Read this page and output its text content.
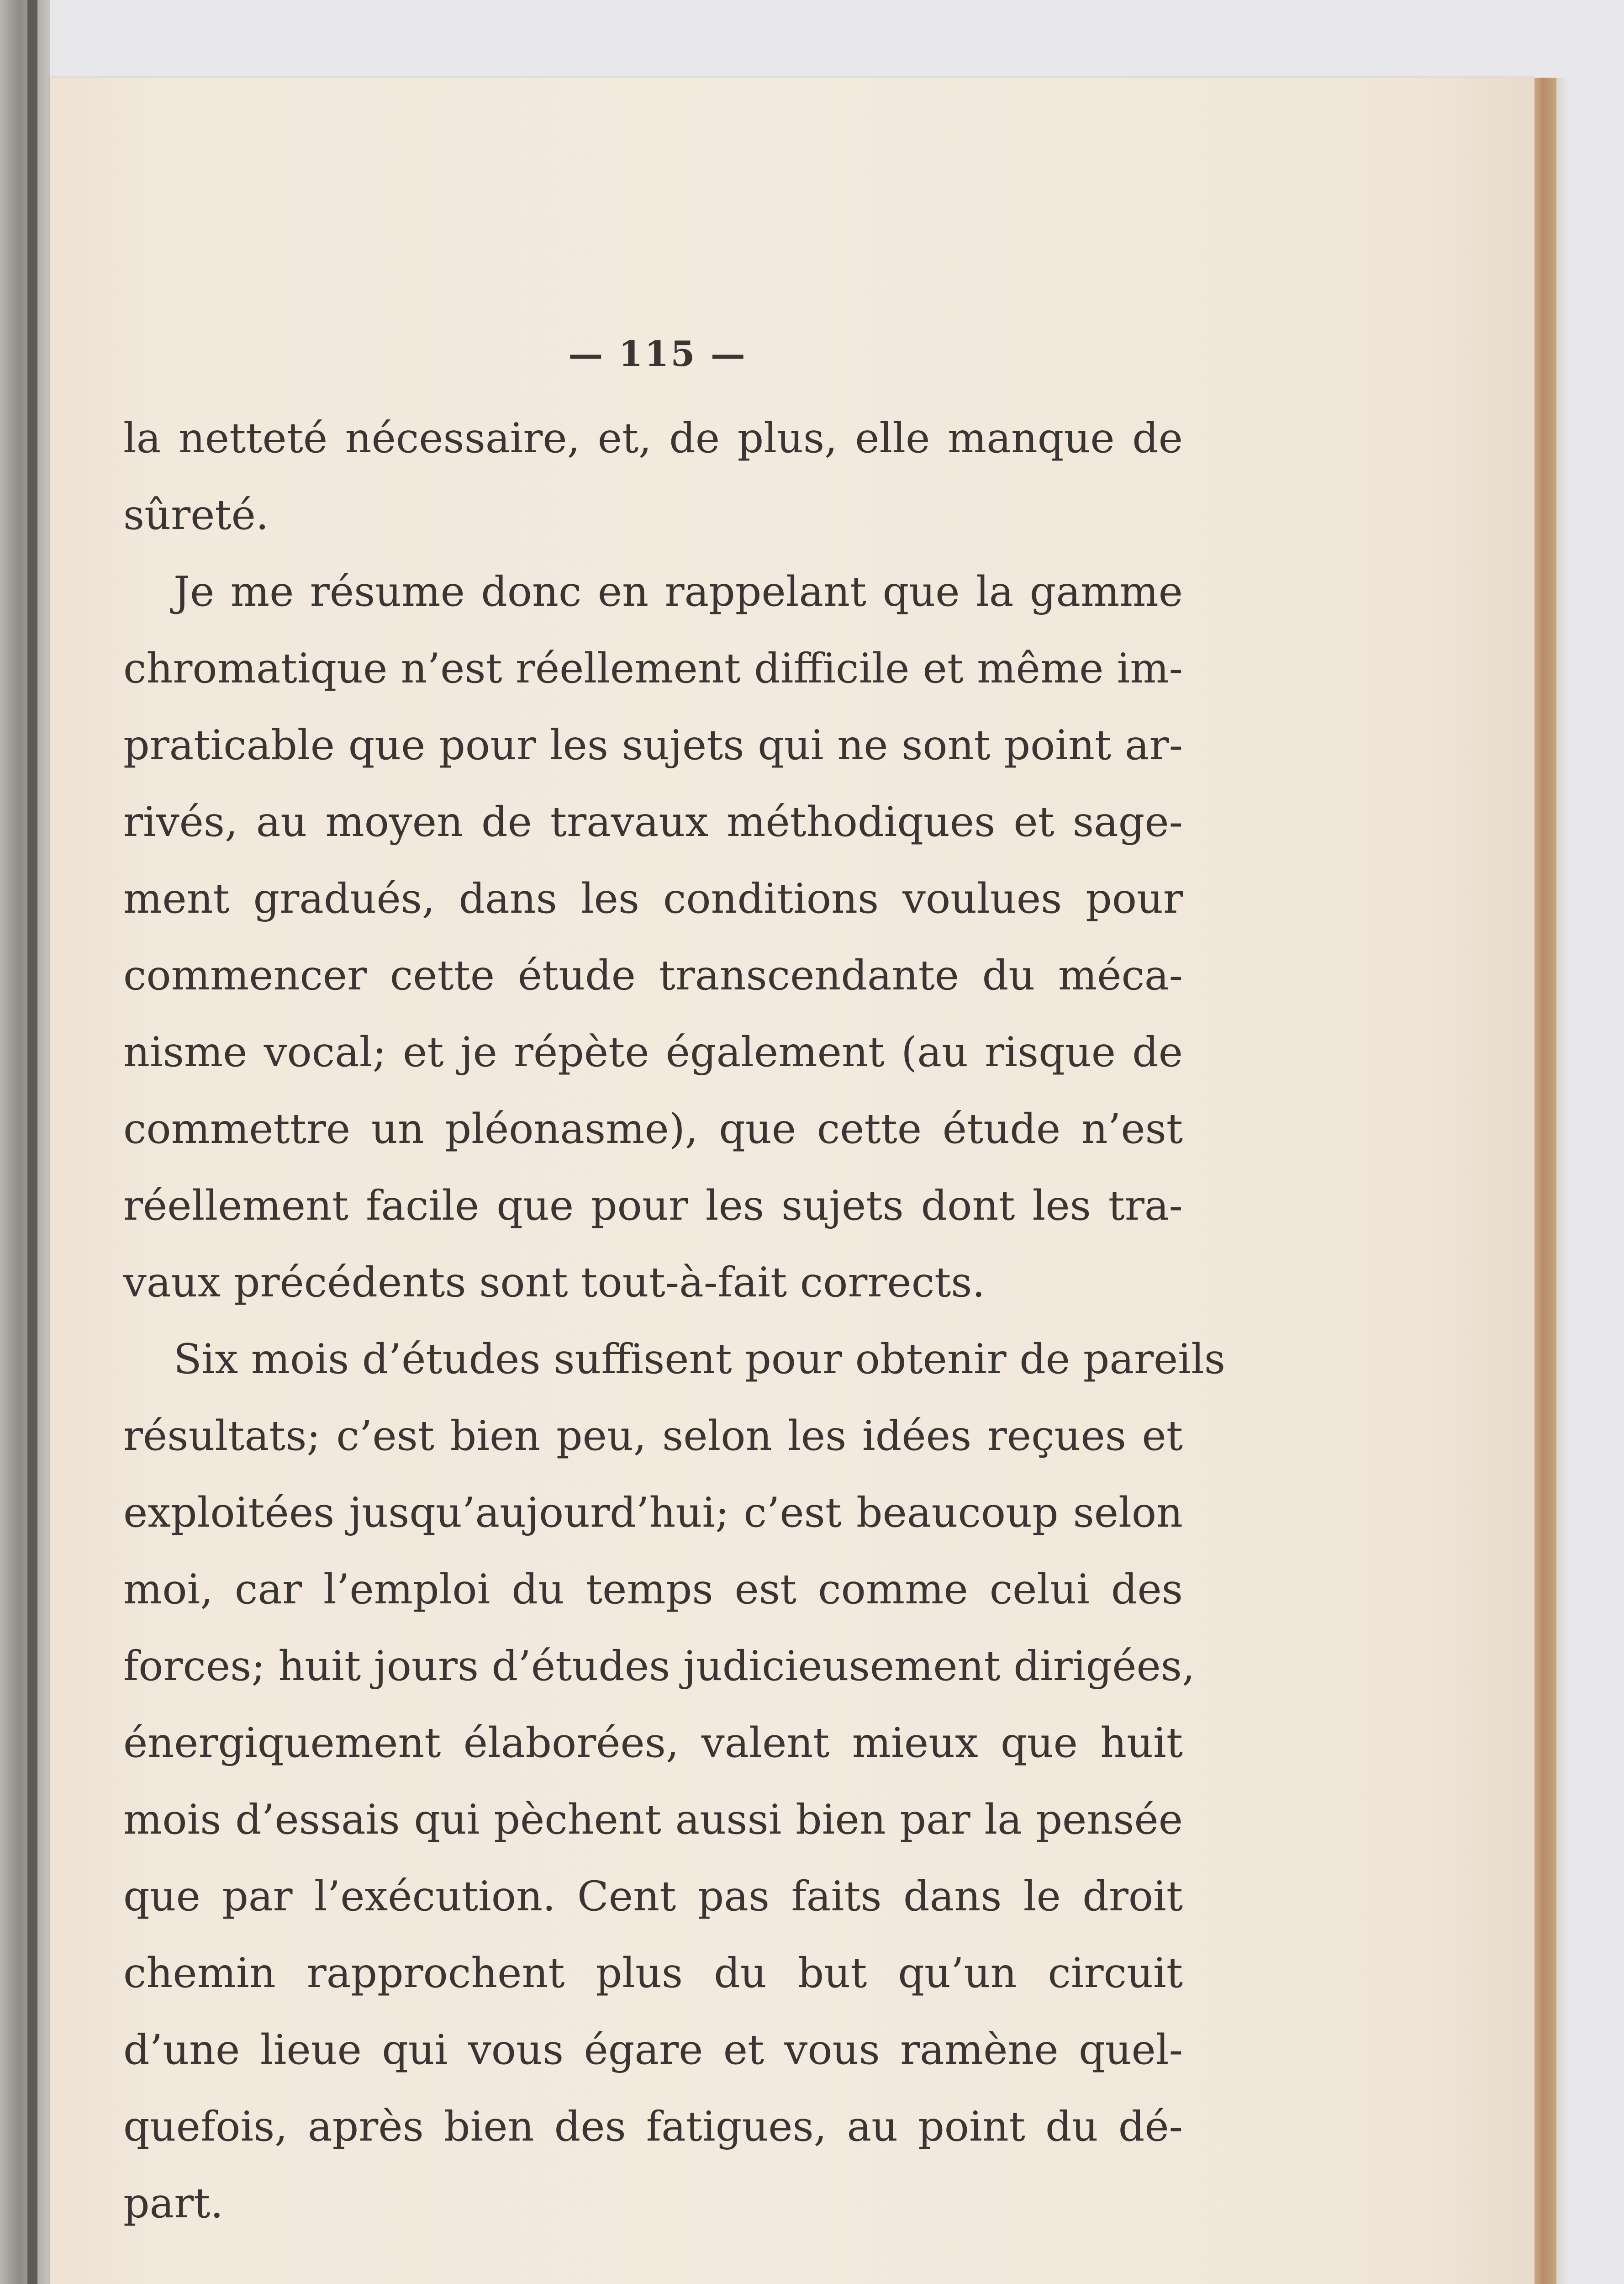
— 115 —
la netteté nécessaire, et, de plus, elle manque de
sûreté.
Je me résume donc en rappelant que la gamme
chromatique n’est réellement difficile et même im-
praticable que pour les sujets qui ne sont point ar-
rivés, au moyen de travaux méthodiques et sage-
ment gradués, dans les conditions voulues pour
commencer cette étude transcendante du méca-
nisme vocal; et je répète également (au risque de
commettre un pléonasme), que cette étude n’est
réellement facile que pour les sujets dont les tra-
vaux précédents sont tout-à-fait corrects.
Six mois d’études suffisent pour obtenir de pareils
résultats; c’est bien peu, selon les idées reçues et
exploitées jusqu’aujourd’hui; c’est beaucoup selon
moi, car l’emploi du temps est comme celui des
forces; huit jours d’études judicieusement dirigées,
énergiquement élaborées, valent mieux que huit
mois d’essais qui pèchent aussi bien par la pensée
que par l’exécution. Cent pas faits dans le droit
chemin rapprochent plus du but qu’un circuit
d’une lieue qui vous égare et vous ramène quel-
quefois, après bien des fatigues, au point du dé-
part.
